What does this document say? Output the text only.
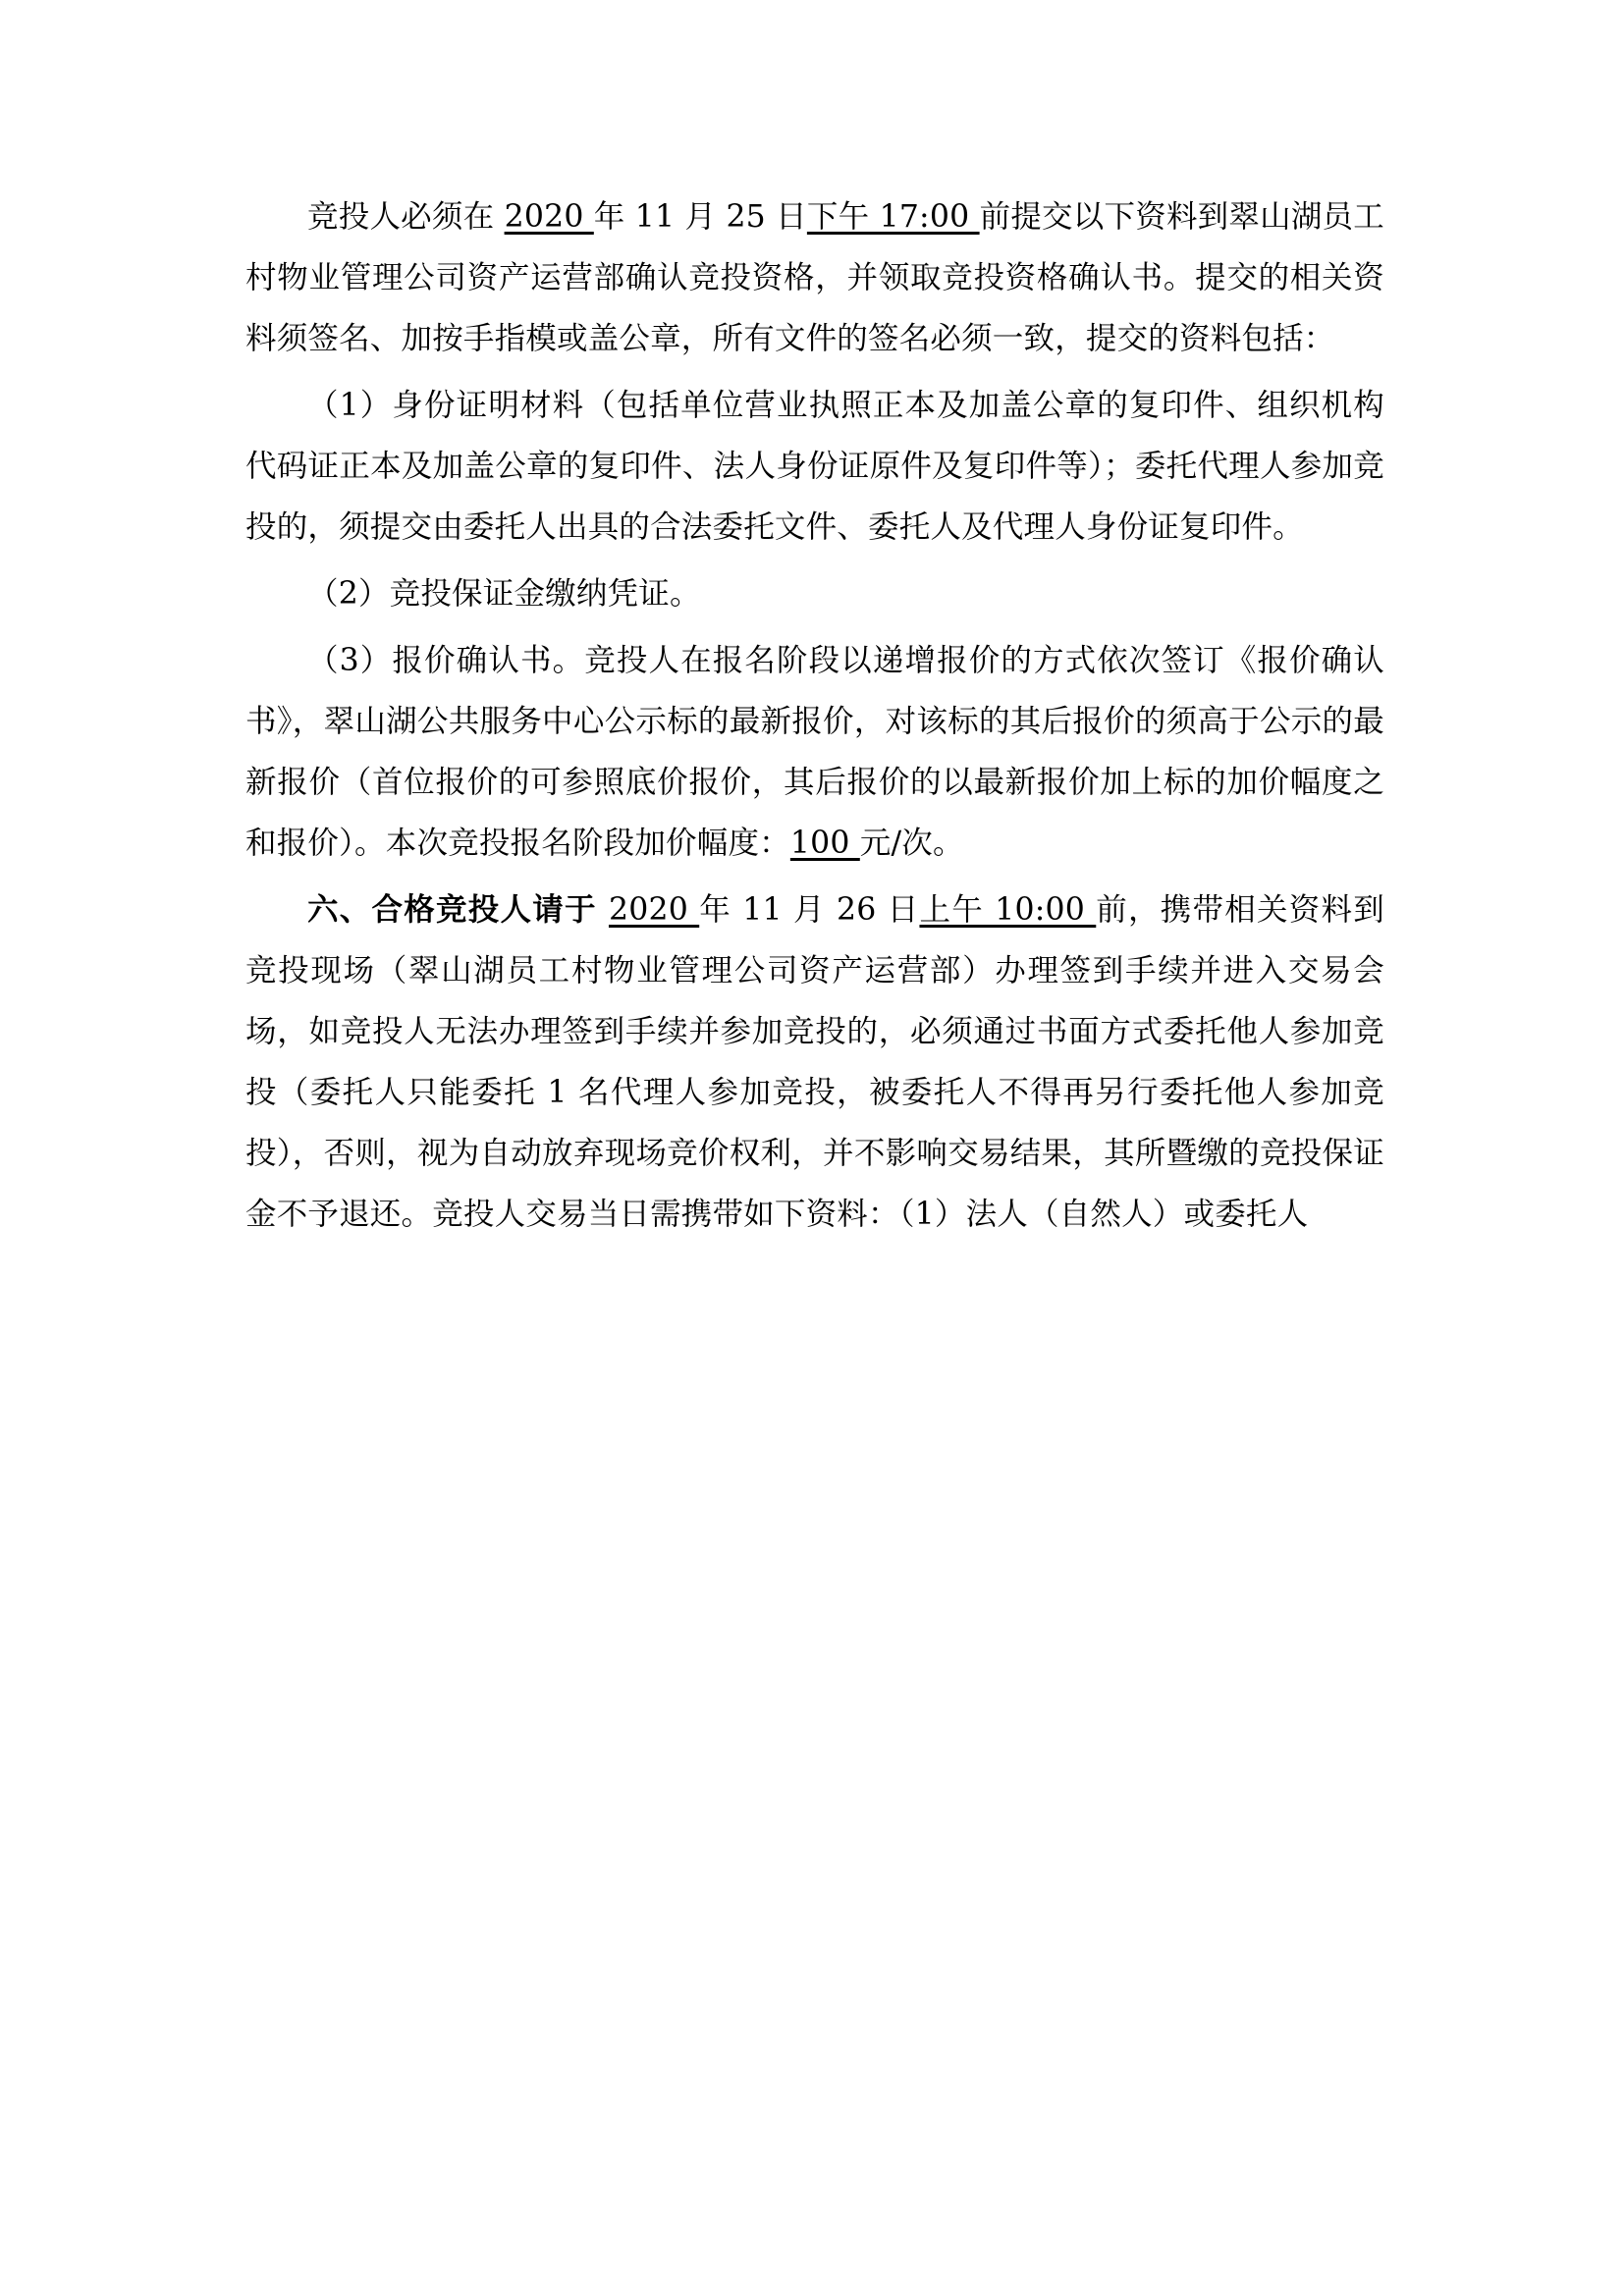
竞投人必须在 2020 年 11 月 25 日下午 17:00 前提交以下资料到翠山湖员工村物业管理公司资产运营部确认竞投资格，并领取竞投资格确认书。提交的相关资料须签名、加按手指模或盖公章，所有文件的签名必须一致，提交的资料包括：

（1）身份证明材料（包括单位营业执照正本及加盖公章的复印件、组织机构代码证正本及加盖公章的复印件、法人身份证原件及复印件等）；委托代理人参加竞投的，须提交由委托人出具的合法委托文件、委托人及代理人身份证复印件。

（2）竞投保证金缴纳凭证。

（3）报价确认书。竞投人在报名阶段以递增报价的方式依次签订《报价确认书》，翠山湖公共服务中心公示标的最新报价，对该标的其后报价的须高于公示的最新报价（首位报价的可参照底价报价，其后报价的以最新报价加上标的加价幅度之和报价）。本次竞投报名阶段加价幅度：100 元/次。

六、合格竞投人请于 2020 年 11 月 26 日上午 10:00 前，携带相关资料到竞投现场（翠山湖员工村物业管理公司资产运营部）办理签到手续并进入交易会场，如竞投人无法办理签到手续并参加竞投的，必须通过书面方式委托他人参加竞投（委托人只能委托 1 名代理人参加竞投，被委托人不得再另行委托他人参加竞投），否则，视为自动放弃现场竞价权利，并不影响交易结果，其所暨缴的竞投保证金不予退还。竞投人交易当日需携带如下资料：（1）法人（自然人）或委托人
